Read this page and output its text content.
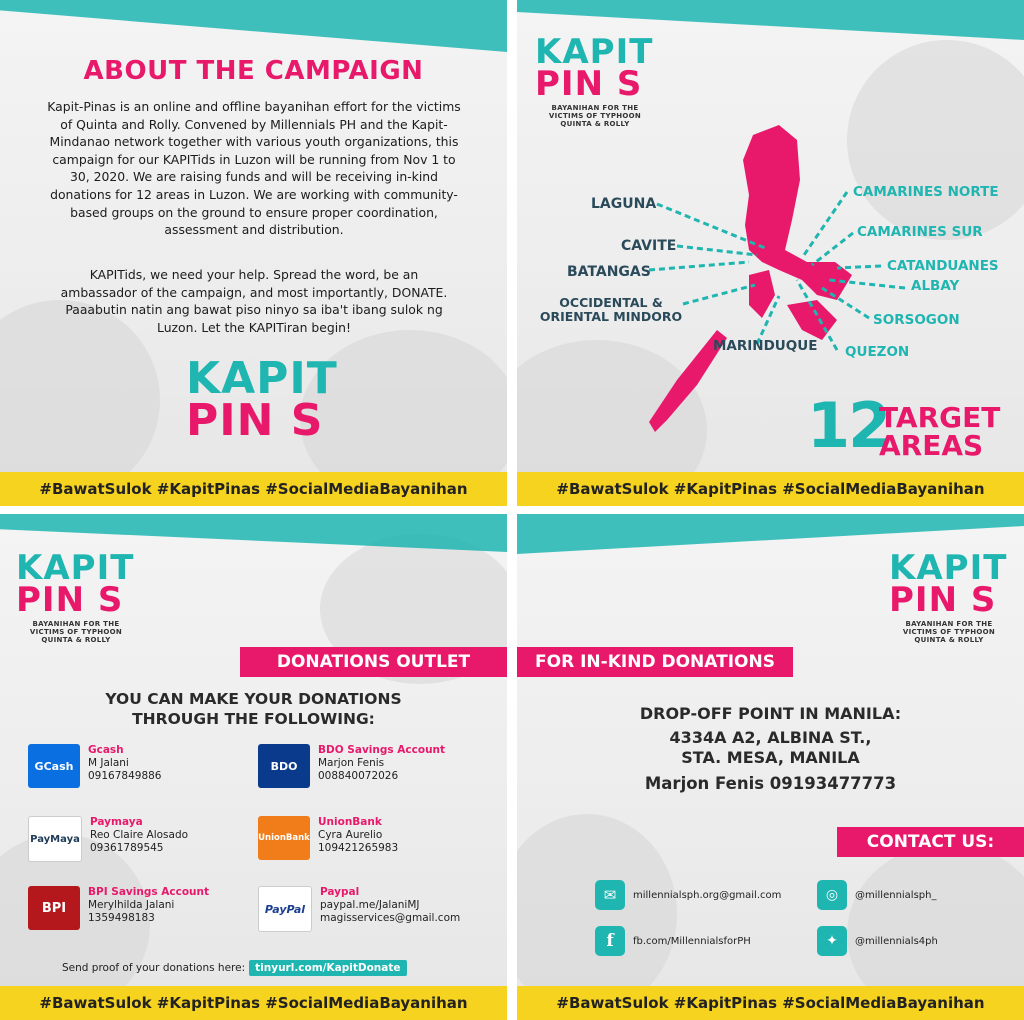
ABOUT THE CAMPAIGN
Kapit-Pinas is an online and offline bayanihan effort for the victims of Quinta and Rolly. Convened by Millennials PH and the Kapit-Mindanao network together with various youth organizations, this campaign for our KAPITids in Luzon will be running from Nov 1 to 30, 2020. We are raising funds and will be receiving in-kind donations for 12 areas in Luzon. We are working with community-based groups on the ground to ensure proper coordination, assessment and distribution.
KAPITids, we need your help. Spread the word, be an ambassador of the campaign, and most importantly, DONATE. Paaabutin natin ang bawat piso ninyo sa iba't ibang sulok ng Luzon. Let the KAPITiran begin!
KAPIT
PIN S
#BawatSulok #KapitPinas #SocialMediaBayanihan
KAPIT
PIN S
BAYANIHAN FOR THE VICTIMS OF TYPHOON QUINTA & ROLLY
LAGUNA
CAVITE
BATANGAS
OCCIDENTAL & ORIENTAL MINDORO
CAMARINES NORTE
CAMARINES SUR
CATANDUANES
ALBAY
SORSOGON
MARINDUQUE QUEZON
12
TARGET
AREAS
#BawatSulok #KapitPinas #SocialMediaBayanihan
KAPIT
PIN S
BAYANIHAN FOR THE VICTIMS OF TYPHOON QUINTA & ROLLY
DONATIONS OUTLET
YOU CAN MAKE YOUR DONATIONS
THROUGH THE FOLLOWING:
GCash
Gcash
M Jalani
09167849886
BDO
BDO Savings Account
Marjon Fenis
008840072026
PayMaya
Paymaya
Reo Claire Alosado
09361789545
UnionBank
UnionBank
Cyra Aurelio
109421265983
BPI
BPI Savings Account
Merylhilda Jalani
1359498183
PayPal
Paypal
paypal.me/JalaniMJ
magisservices@gmail.com
Send proof of your donations here: tinyurl.com/KapitDonate
#BawatSulok #KapitPinas #SocialMediaBayanihan
KAPIT
PIN S
BAYANIHAN FOR THE VICTIMS OF TYPHOON QUINTA & ROLLY
FOR IN-KIND DONATIONS
DROP-OFF POINT IN MANILA:
4334A A2, ALBINA ST.,
STA. MESA, MANILA
Marjon Fenis 09193477773
CONTACT US:
✉	millennialsph.org@gmail.com	◎	@millennialsph_
f	fb.com/MillennialsforPH	✦	@millennials4ph
#BawatSulok #KapitPinas #SocialMediaBayanihan
